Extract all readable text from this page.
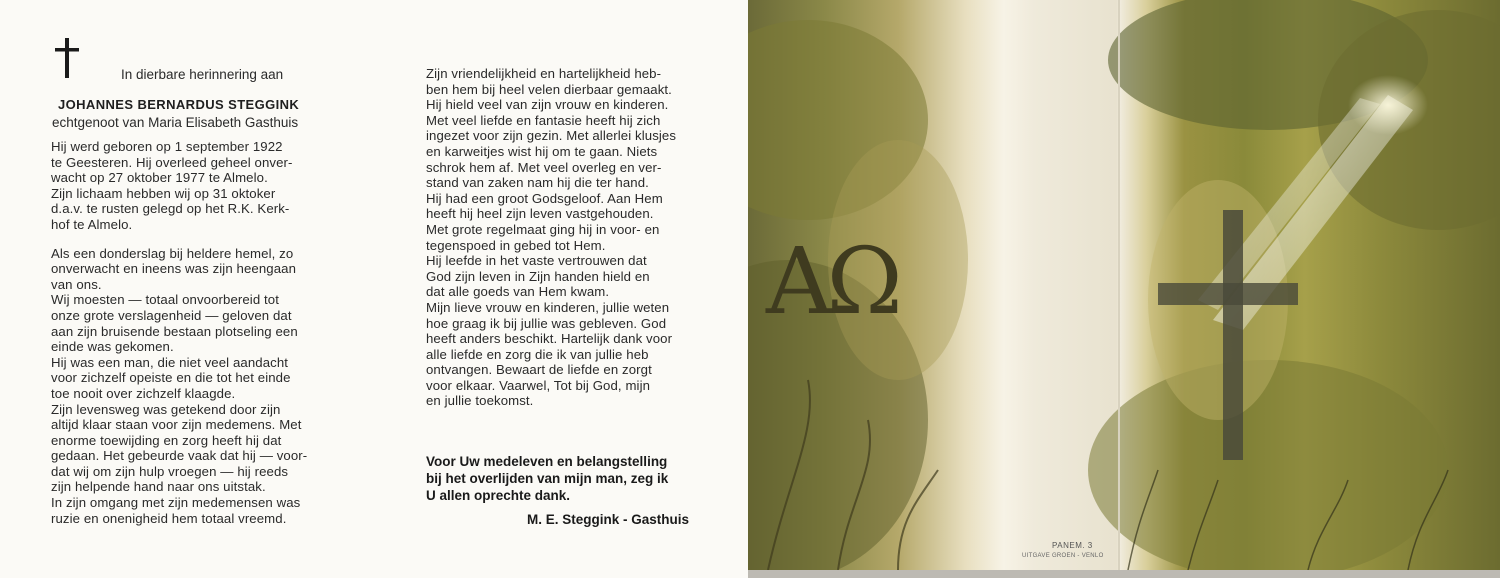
In dierbare herinnering aan
JOHANNES BERNARDUS STEGGINK
echtgenoot van Maria Elisabeth Gasthuis

Hij werd geboren op 1 september 1922

te Geesteren. Hij overleed geheel onver-

wacht op 27 oktober 1977 te Almelo.

Zijn lichaam hebben wij op 31 oktoker

d.a.v. te rusten gelegd op het R.K. Kerk-

hof te Almelo.

Als een donderslag bij heldere hemel, zo

onverwacht en ineens was zijn heengaan

van ons.

Wij moesten — totaal onvoorbereid tot

onze grote verslagenheid — geloven dat

aan zijn bruisende bestaan plotseling een

einde was gekomen.

Hij was een man, die niet veel aandacht

voor zichzelf opeiste en die tot het einde

toe nooit over zichzelf klaagde.

Zijn levensweg was getekend door zijn

altijd klaar staan voor zijn medemens. Met

enorme toewijding en zorg heeft hij dat

gedaan. Het gebeurde vaak dat hij — voor-

dat wij om zijn hulp vroegen — hij reeds

zijn helpende hand naar ons uitstak.

In zijn omgang met zijn medemensen was

ruzie en onenigheid hem totaal vreemd.

Zijn vriendelijkheid en hartelijkheid heb-

ben hem bij heel velen dierbaar gemaakt.

Hij hield veel van zijn vrouw en kinderen.

Met veel liefde en fantasie heeft hij zich

ingezet voor zijn gezin. Met allerlei klusjes

en karweitjes wist hij om te gaan. Niets

schrok hem af. Met veel overleg en ver-

stand van zaken nam hij die ter hand.

Hij had een groot Godsgeloof. Aan Hem

heeft hij heel zijn leven vastgehouden.

Met grote regelmaat ging hij in voor- en

tegenspoed in gebed tot Hem.

Hij leefde in het vaste vertrouwen dat

God zijn leven in Zijn handen hield en

dat alle goeds van Hem kwam.

Mijn lieve vrouw en kinderen, jullie weten

hoe graag ik bij jullie was gebleven. God

heeft anders beschikt. Hartelijk dank voor

alle liefde en zorg die ik van jullie heb

ontvangen. Bewaart de liefde en zorgt

voor elkaar. Vaarwel, Tot bij God, mijn

en jullie toekomst.

Voor Uw medeleven en belangstelling

bij het overlijden van mijn man, zeg ik

U allen oprechte dank.

M. E. Steggink - Gasthuis
ΑΩ
PANEM. 3
UITGAVE GROEN - VENLO
